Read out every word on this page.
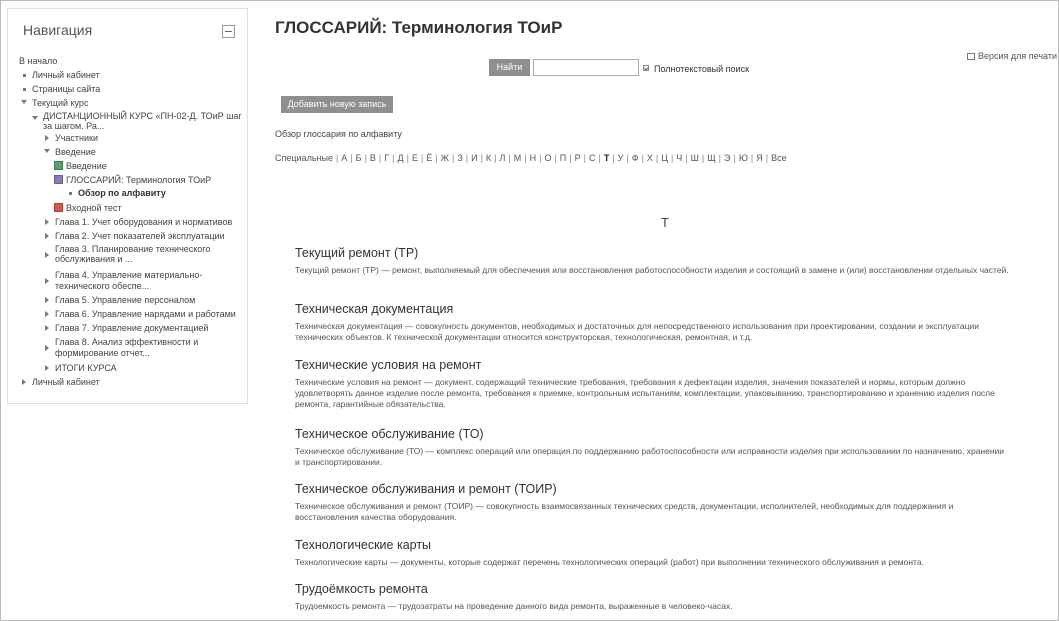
Навигация
В начало
Личный кабинет
Страницы сайта
Текущий курс
ДИСТАНЦИОННЫЙ КУРС «ПН-02-Д. ТОиР шаг
за шагом. Ра...
Участники
Введение
Введение
ГЛОССАРИЙ: Терминология ТОиР
Обзор по алфавиту
Входной тест
Глава 1. Учет оборудования и нормативов
Глава 2. Учет показателей эксплуатации
Глава 3. Планирование технического
обслуживания и ...
Глава 4. Управление материально-
технического обеспе...
Глава 5. Управление персоналом
Глава 6. Управление нарядами и работами
Глава 7. Управление документацией
Глава 8. Анализ эффективности и
формирование отчет...
ИТОГИ КУРСА
Личный кабинет
ГЛОССАРИЙ: Терминология ТОиР
Версия для печати
Найти	Полнотекстовый поиск
Добавить новую запись
Обзор глоссария по алфавиту
Специальные | А | Б | В | Г | Д | Е | Ё | Ж | З | И | К | Л | М | Н | О | П | Р | С | Т | У | Ф | Х | Ц | Ч | Ш | Щ | Э | Ю | Я | Все
Т
Текущий ремонт (ТР)
Текущий ремонт (ТР) — ремонт, выполняемый для обеспечения или восстановления работоспособности изделия и состоящий в замене и (или) восстановлении отдельных частей.
Техническая документация
Техническая документация — совокупность документов, необходимых и достаточных для непосредственного использования при проектировании, создании и эксплуатации технических объектов. К технической документации относится конструкторская, технологическая, ремонтная, и т.д.
Технические условия на ремонт
Технические условия на ремонт — документ, содержащий технические требования, требования к дефектации изделия, значения показателей и нормы, которым должно удовлетворять данное изделие после ремонта, требования к приемке, контрольным испытаниям, комплектации, упаковыванию, транспортированию и хранению изделия после ремонта, гарантийные обязательства.
Техническое обслуживание (ТО)
Техническое обслуживание (ТО) — комплекс операций или операция по поддержанию работоспособности или исправности изделия при использовании по назначению, хранении и транспортировании.
Техническое обслуживания и ремонт (ТОИР)
Техническое обслуживания и ремонт (ТОИР) — совокупность взаимосвязанных технических средств, документации, исполнителей, необходимых для поддержания и восстановления качества оборудования.
Технологические карты
Технологические карты — документы, которые содержат перечень технологических операций (работ) при выполнении технического обслуживания и ремонта.
Трудоёмкость ремонта
Трудоемкость ремонта — трудозатраты на проведение данного вида ремонта, выраженные в человеко-часах.
